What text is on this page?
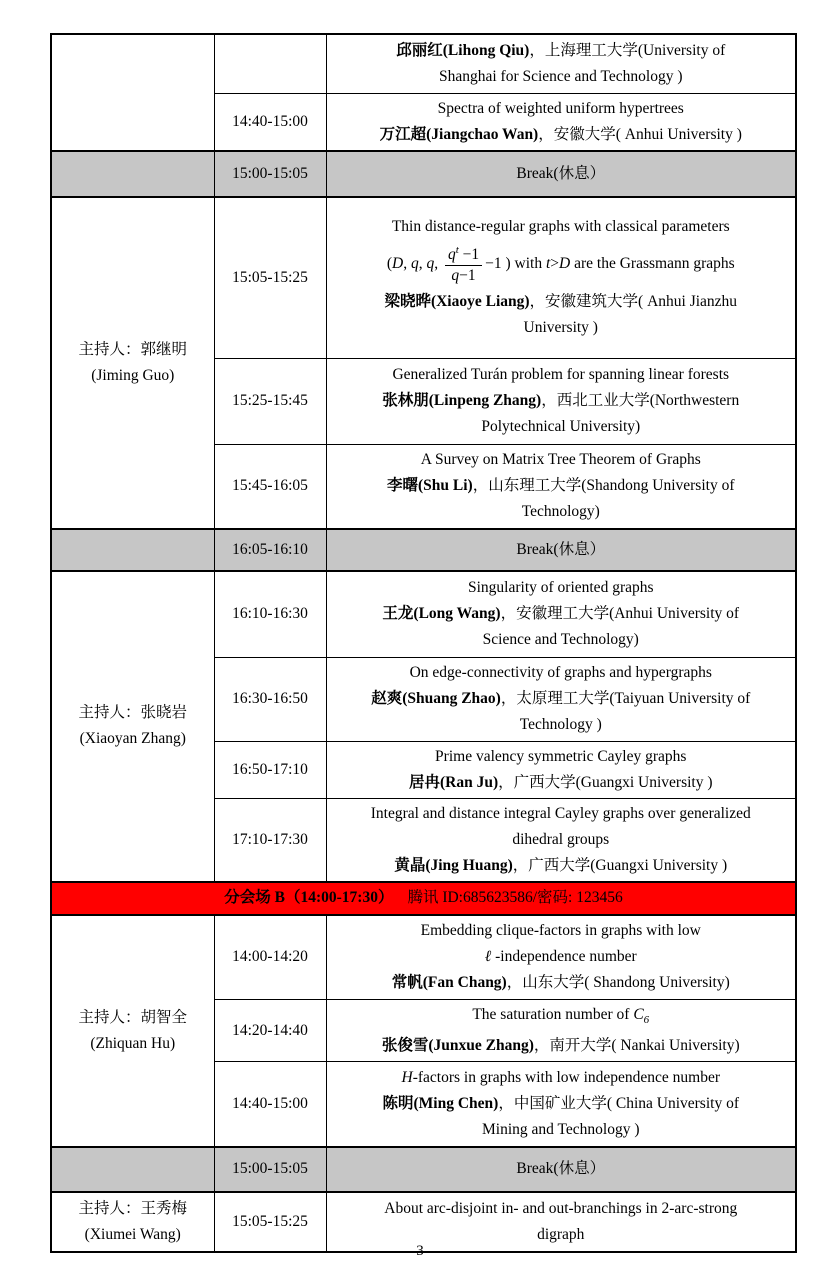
		邱丽红(Lihong Qiu)，上海理工大学(University of
Shanghai for Science and Technology )

	14:40-15:00	Spectra of weighted uniform hypertrees
万江超(Jiangchao Wan)，安徽大学( Anhui University )

	15:00-15:05	Break(休息）

主持人：郭继明
(Jiming Guo)
	15:05-15:25	
Thin distance-regular graphs with classical parameters
(D, q, q, $\frac{q^t -1}{q-1} -1$ ) with t>D are the Grassmann graphs
梁晓晔(Xiaoye Liang)，安徽建筑大学( Anhui Jianzhu
University )

	15:25-15:45	Generalized Turán problem for spanning linear forests
张林朋(Linpeng Zhang)，西北工业大学(Northwestern
Polytechnical University)

	15:45-16:05	A Survey on Matrix Tree Theorem of Graphs
李曙(Shu Li)，山东理工大学(Shandong University of
Technology)

	16:05-16:10	Break(休息）

主持人：张晓岩
(Xiaoyan Zhang)
	16:10-16:30	
Singularity of oriented graphs
王龙(Long Wang)，安徽理工大学(Anhui University of
Science and Technology)

	16:30-16:50	On edge-connectivity of graphs and hypergraphs
赵爽(Shuang Zhao)，太原理工大学(Taiyuan University of
Technology )

	16:50-17:10	Prime valency symmetric Cayley graphs
居冉(Ran Ju)，广西大学(Guangxi University )

	17:10-17:30	Integral and distance integral Cayley graphs over generalized
dihedral groups
黄晶(Jing Huang)，广西大学(Guangxi University )

分会场 B（14:00-17:30） 腾讯 ID:685623586/密码: 123456		

主持人：胡智全
(Zhiquan Hu)
	14:00-14:20	
Embedding clique-factors in graphs with low
ℓ -independence number
常帆(Fan Chang)，山东大学( Shandong University)

	14:20-14:40	The saturation number of $C_6$
张俊雪(Junxue Zhang)，南开大学( Nankai University)

	14:40-15:00	H-factors in graphs with low independence number
陈明(Ming Chen)，中国矿业大学( China University of
Mining and Technology )

	15:00-15:05	Break(休息）

主持人：王秀梅
(Xiumei Wang)
	15:05-15:25	
About arc-disjoint in- and out-branchings in 2-arc-strong
digraph
3
